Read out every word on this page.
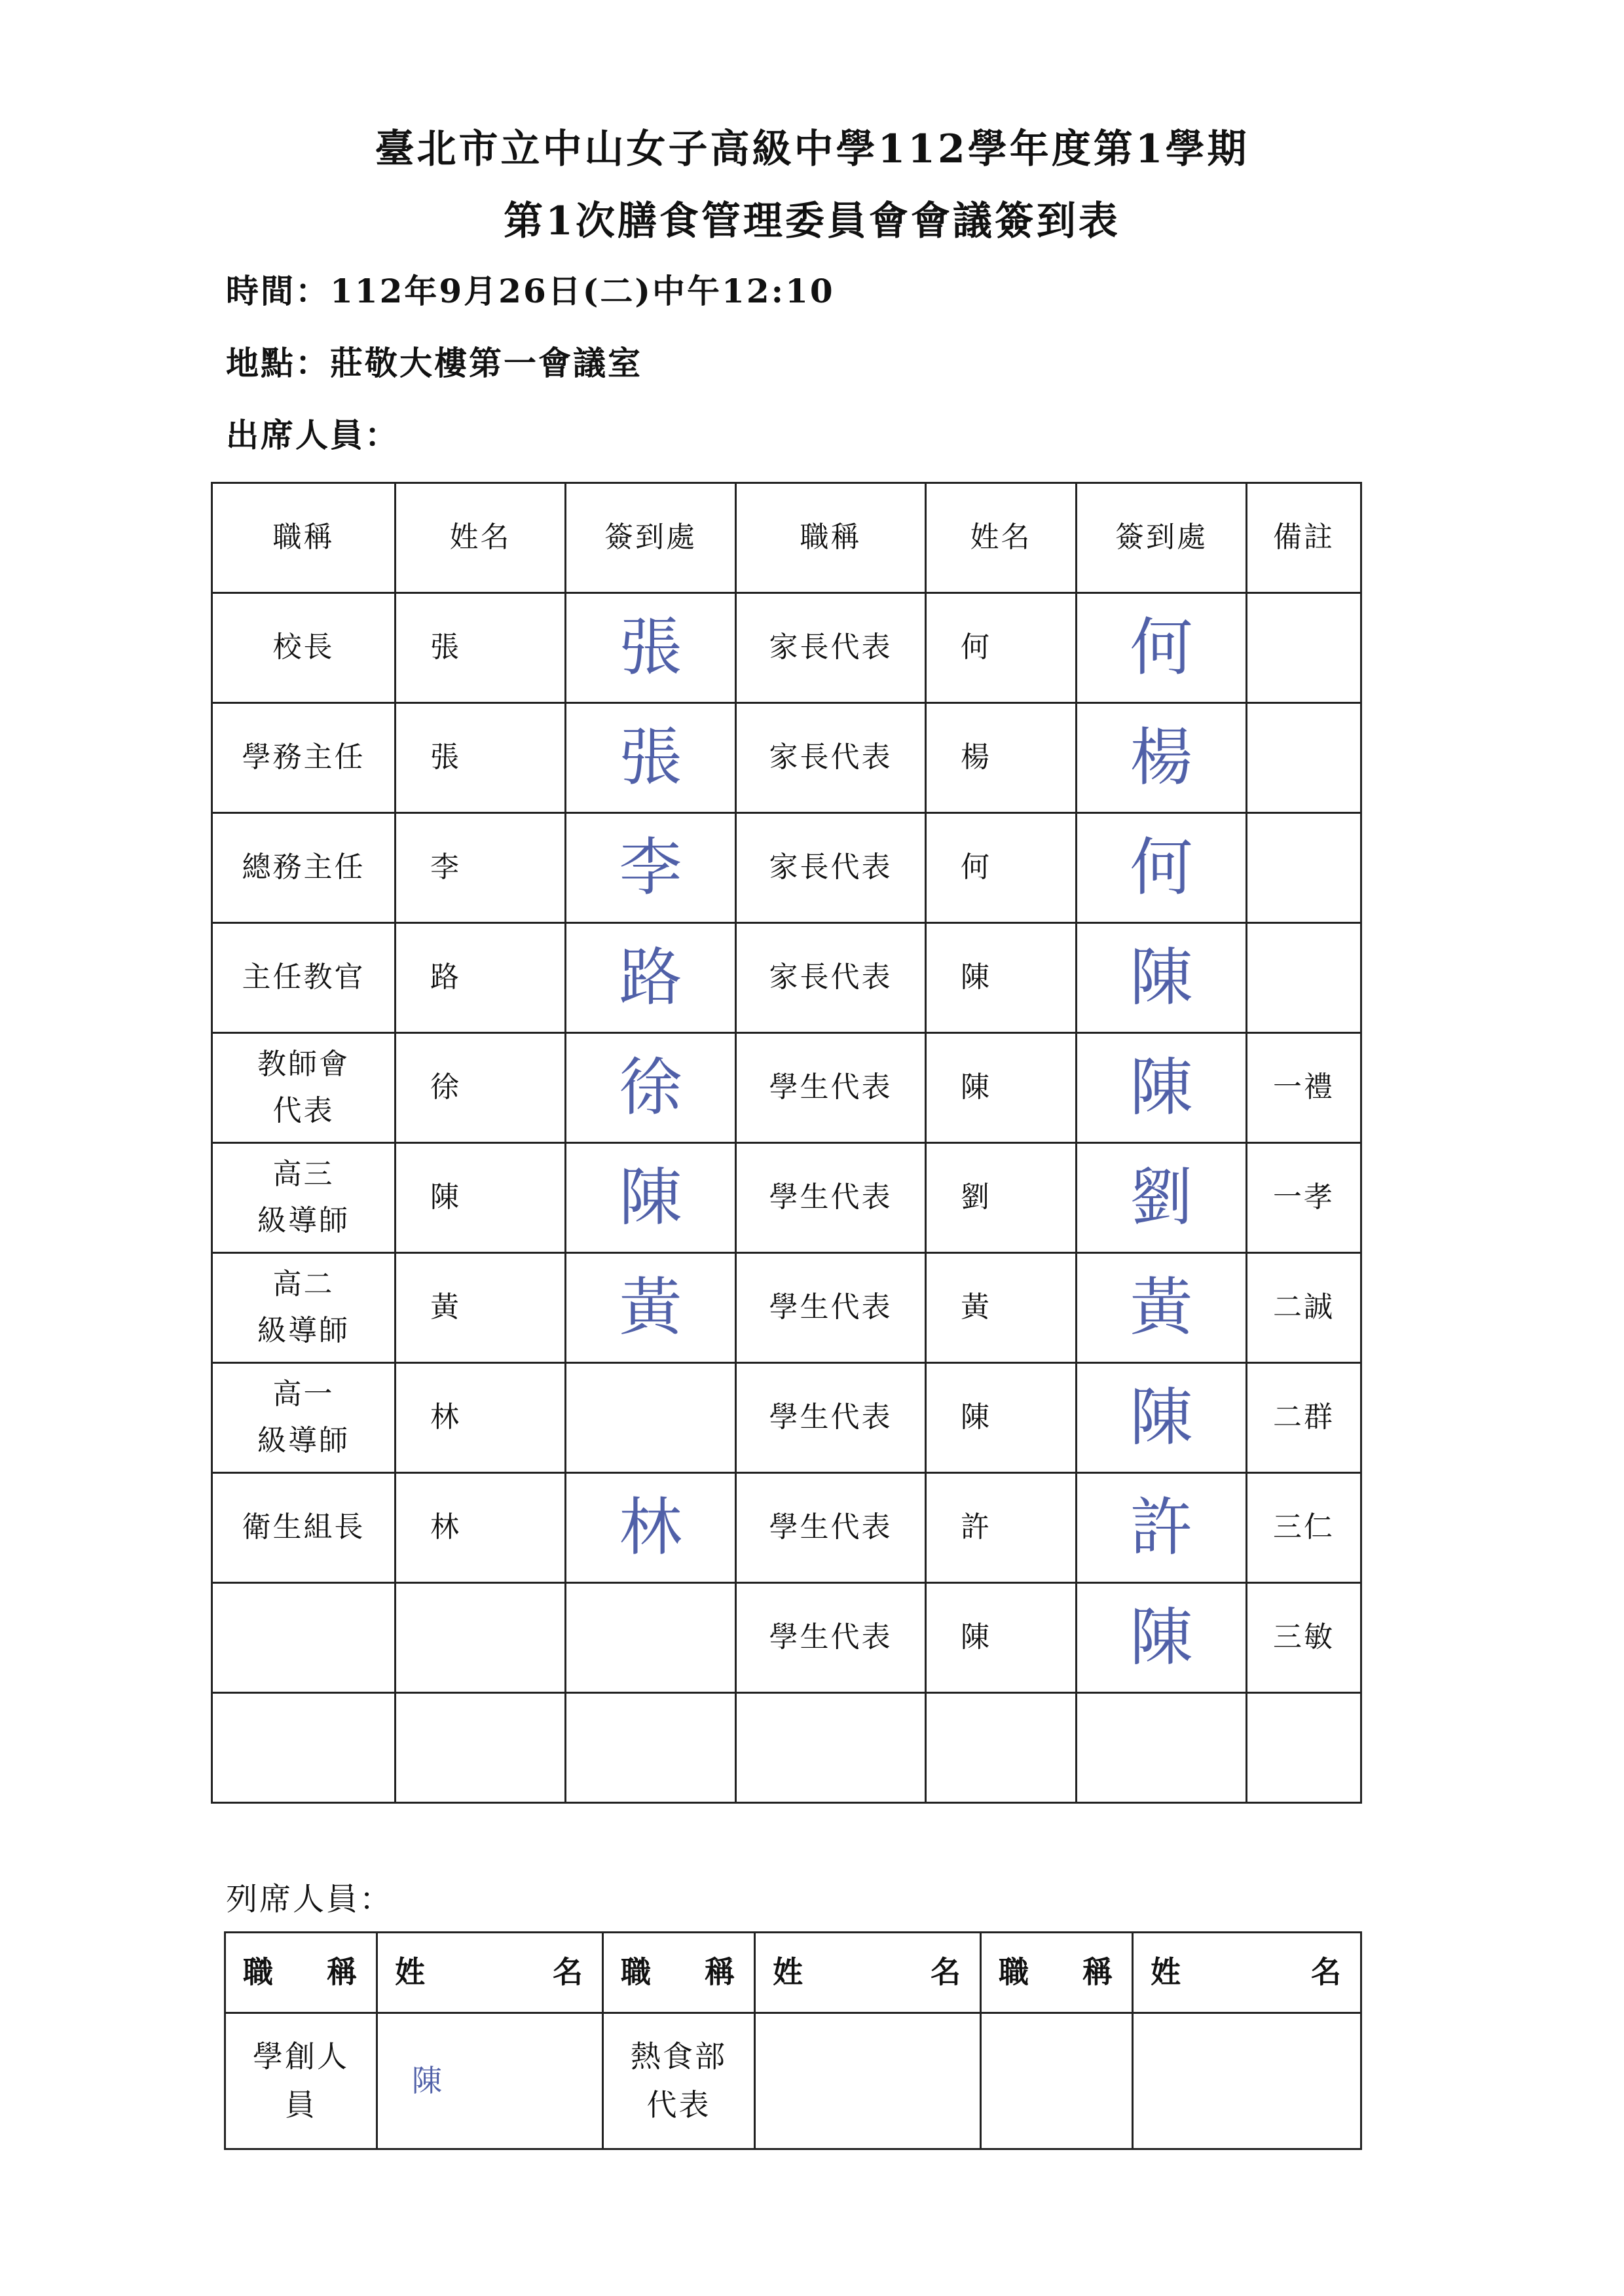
臺北市立中山女子高級中學112學年度第1學期
第1次膳食管理委員會會議簽到表
時間：112年9月26日(二)中午12:10
地點：莊敬大樓第一會議室
出席人員：
職稱	姓名	簽到處	職稱	姓名	簽到處	備註
校長	張	張	家長代表	何	何	
學務主任	張	張	家長代表	楊	楊	
總務主任	李	李	家長代表	何	何	
主任教官	路	路	家長代表	陳	陳	
教師會
代表	徐	徐	學生代表	陳	陳	一禮
高三
級導師	陳	陳	學生代表	劉	劉	一孝
高二
級導師	黃	黃	學生代表	黃	黃	二誠
高一
級導師	林		學生代表	陳	陳	二群
衛生組長	林	林	學生代表	許	許	三仁
			學生代表	陳	陳	三敏

列席人員：
職 稱	姓 名	職 稱	姓 名	職 稱	姓 名

學創人
員	陳	熱食部
代表			
